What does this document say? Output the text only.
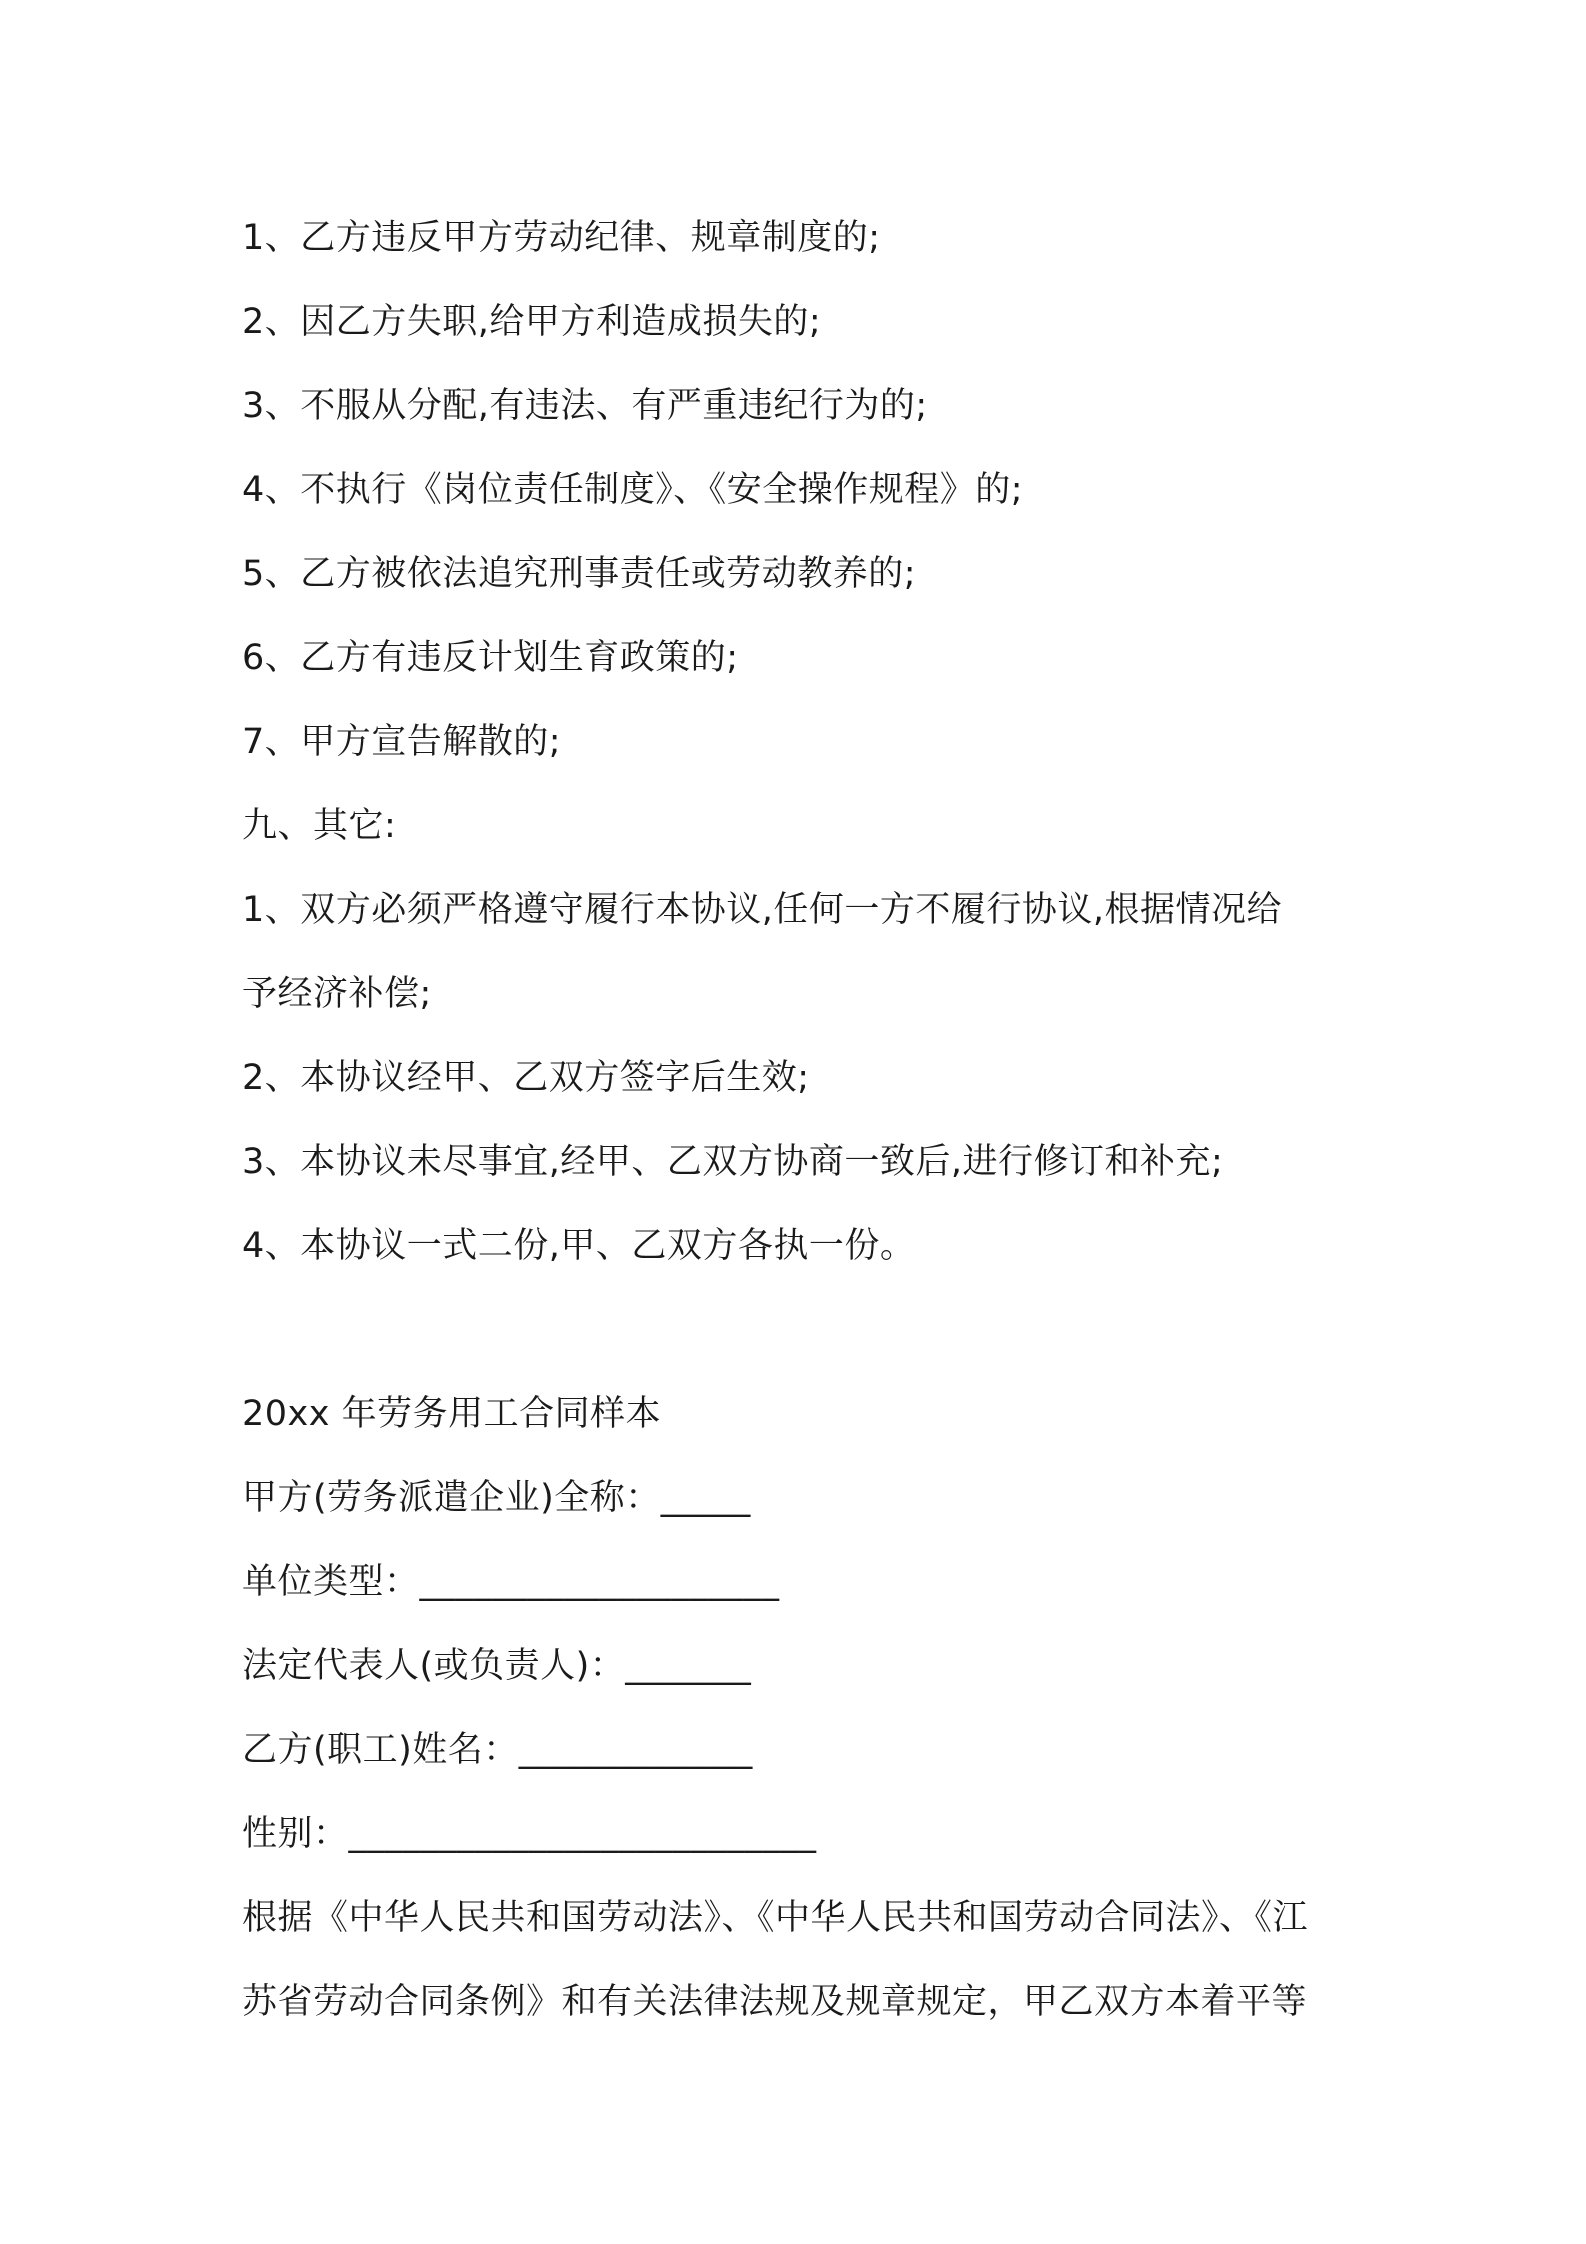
1、乙方违反甲方劳动纪律、规章制度的;
2、因乙方失职,给甲方利造成损失的;
3、不服从分配,有违法、有严重违纪行为的;
4、不执行《岗位责任制度》、《安全操作规程》的;
5、乙方被依法追究刑事责任或劳动教养的;
6、乙方有违反计划生育政策的;
7、甲方宣告解散的;
九、其它:
1、双方必须严格遵守履行本协议,任何一方不履行协议,根据情况给
予经济补偿;
2、本协议经甲、乙双方签字后生效;
3、本协议未尽事宜,经甲、乙双方协商一致后,进行修订和补充;
4、本协议一式二份,甲、乙双方各执一份。
20xx 年劳务用工合同样本
甲方(劳务派遣企业)全称：_____
单位类型：____________________
法定代表人(或负责人)：_______
乙方(职工)姓名：_____________
性别：__________________________
根据《中华人民共和国劳动法》、《中华人民共和国劳动合同法》、《江
苏省劳动合同条例》和有关法律法规及规章规定，甲乙双方本着平等
